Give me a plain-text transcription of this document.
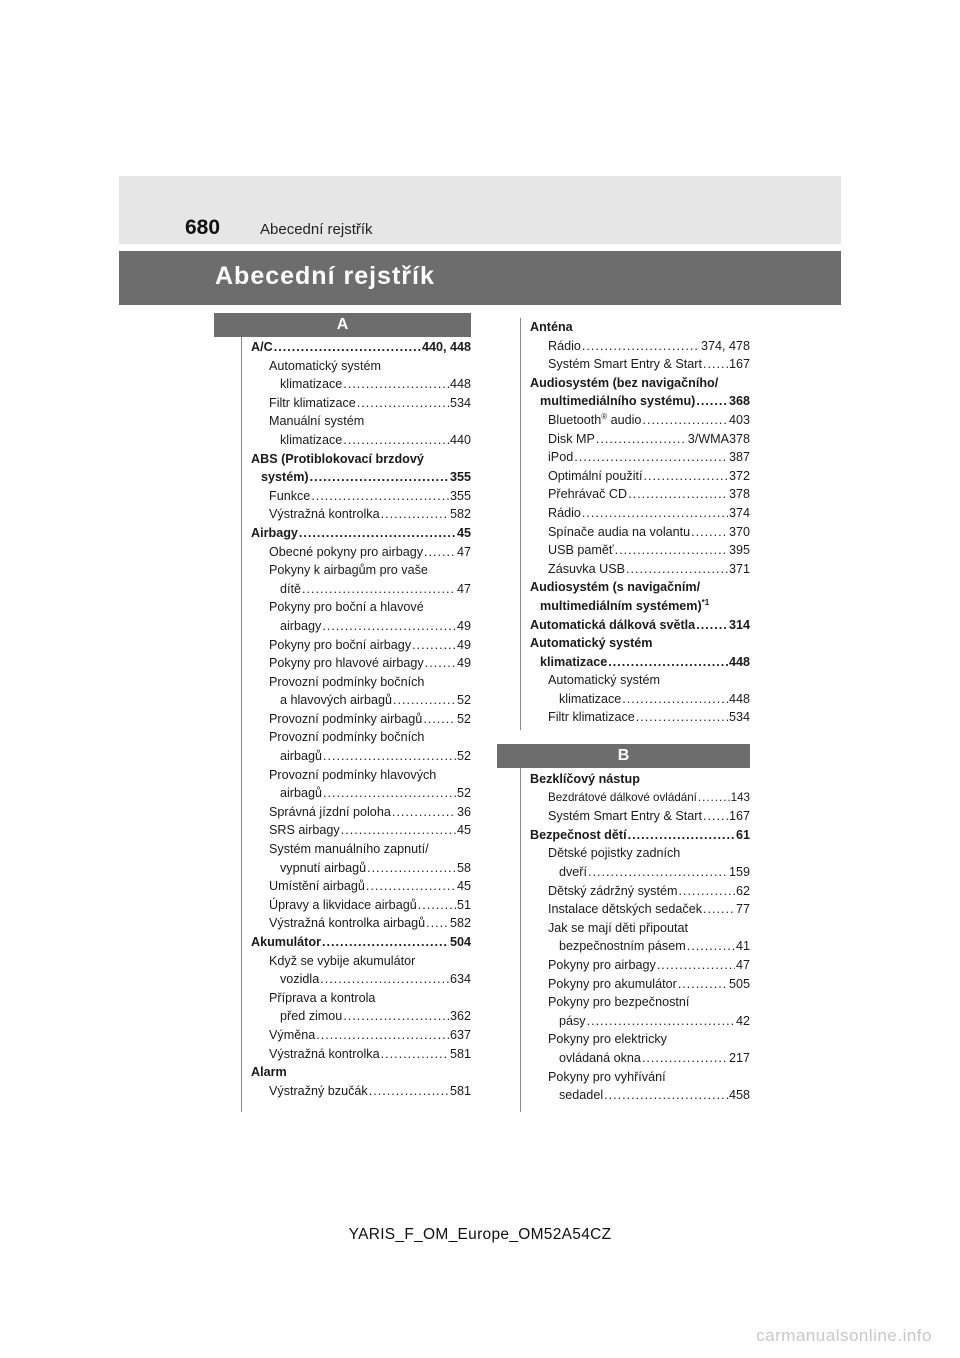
680	Abecední rejstřík
Abecední rejstřík
A
B
A/C .....	440, 448
Automatický systém
klimatizace .....	448
Filtr klimatizace .....	534
Manuální systém
klimatizace .....	440
ABS (Protiblokovací brzdový
systém) .....	355
Funkce .....	355
Výstražná kontrolka .....	582
Airbagy .....	45
Obecné pokyny pro airbagy .....	47
Pokyny k airbagům pro vaše
dítě .....	47
Pokyny pro boční a hlavové
airbagy .....	49
Pokyny pro boční airbagy .....	49
Pokyny pro hlavové airbagy .....	49
Provozní podmínky bočních
a hlavových airbagů .....	52
Provozní podmínky airbagů .....	52
Provozní podmínky bočních
airbagů .....	52
Provozní podmínky hlavových
airbagů .....	52
Správná jízdní poloha .....	36
SRS airbagy .....	45
Systém manuálního zapnutí/
vypnutí airbagů .....	58
Umístění airbagů .....	45
Úpravy a likvidace airbagů .....	51
Výstražná kontrolka airbagů ..... 582
Akumulátor .....	504
Když se vybije akumulátor
vozidla .....	634
Příprava a kontrola
před zimou .....	362
Výměna .....	637
Výstražná kontrolka .....	581
Alarm
Výstražný bzučák .....	581
Anténa
Rádio .....	374, 478
Systém Smart Entry & Start ..... 167
Audiosystém (bez navigačního/
multimediálního systému) .....	368
Bluetooth® audio .....	403
Disk MP .....	3/WMA378
iPod .....	387
Optimální použití .....	372
Přehrávač CD .....	378
Rádio .....	374
Spínače audia na volantu .....	370
USB paměť .....	395
Zásuvka USB .....	371
Audiosystém (s navigačním/
multimediálním systémem)$^{*1}$
Automatická dálková světla .....	314
Automatický systém
klimatizace .....	448
Automatický systém
klimatizace .....	448
Filtr klimatizace .....	534
Bezklíčový nástup
Bezdrátové dálkové ovládání .....	143
Systém Smart Entry & Start ..... 167
Bezpečnost dětí .....	61
Dětské pojistky zadních
dveří .....	159
Dětský zádržný systém .....	62
Instalace dětských sedaček .....	77
Jak se mají děti připoutat
bezpečnostním pásem .....	41
Pokyny pro airbagy .....	47
Pokyny pro akumulátor .....	505
Pokyny pro bezpečnostní
pásy .....	42
Pokyny pro elektricky
ovládaná okna .....	217
Pokyny pro vyhřívání
sedadel .....	458
YARIS_F_OM_Europe_OM52A54CZ
carmanualsonline.info
